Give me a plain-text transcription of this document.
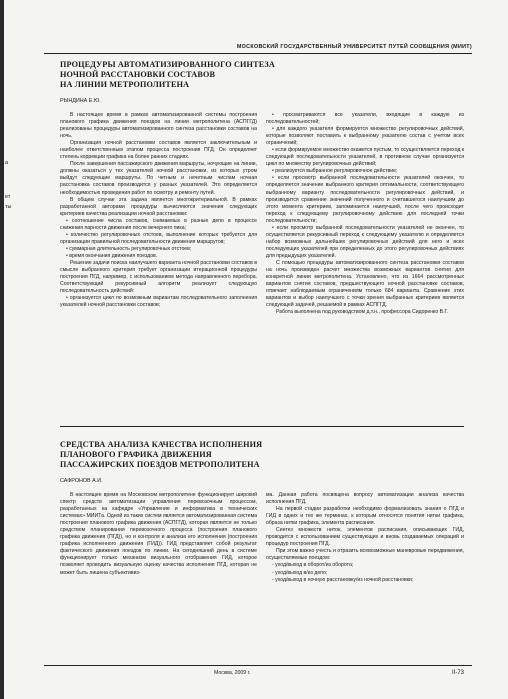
а
ет
ты
МОСКОВСКИЙ ГОСУДАРСТВЕННЫЙ УНИВЕРСИТЕТ ПУТЕЙ СООБЩЕНИЯ (МИИТ)
ПРОЦЕДУРЫ АВТОМАТИЗИРОВАННОГО СИНТЕЗА
НОЧНОЙ РАССТАНОВКИ СОСТАВОВ
НА ЛИНИИ МЕТРОПОЛИТЕНА
РЫНДИНА Е.Ю.

В настоящее время в рамках автоматизированной системы построения планового графика движения поездов на линии метрополитена (АСПГГД) реализованы процедуры автоматизированного синтеза расстановки составов на ночь.

Организация ночной расстановки составов является заключительным и наиболее ответственным этапом процесса построения ПГД. Он определяет степень коррекции графика на более ранних стадиях.

После завершения пассажирского движения маршруты, ночующие на линии, должны оказаться у тех указателей ночной расстановки, из которых утром выйдут следующие маршруты. По четным и нечетным числам ночная расстановка составов производится у разных указателей. Это определяется необходимостью проведения работ по осмотру и ремонту путей.

В общем случае эта задача является многокритериальной. В рамках разработанной авторами процедуры вычисляются значения следующих критериев качества реализации ночной расстановки:

• соотношение числа составов, снимаемых в разные депо в процессе снижения парности движения после вечернего пика;

• количество регулировочных отстоев, выполнение которых требуется для организации правильной последовательности движения маршрутов;

• суммарная длительность регулировочных отстоев;

• время окончания движения поездов.

Решение задачи поиска наилучшего варианта ночной расстановки составов в смысле выбранного критерия требует организации итерационной процедуры построения ПГД, например, с использованием метода направленного перебора. Соответствующий рекурсивный алгоритм реализует следующую последовательность действий:

• организуется цикл по возможным вариантам последовательного заполнения указателей ночной расстановки составов;

• просматриваются все указатели, входящие в каждую из последовательностей;

• для каждого указателя формируется множество регулировочных действий, которые позволяют поставить к выбранному указателю состав с учетом всех ограничений;

• если формируемое множество окажется пустым, то осуществляется переход к следующей последовательности указателей, в противном случае организуется цикл по множеству регулировочных действий;

• реализуется выбранное регулировочное действие;

• если просмотр выбранной последовательности указателей окончен, то определяется значение выбранного критерия оптимальности, соответствующего выбранному варианту последовательности регулировочных действий, и производится сравнение значений полученного и считавшегося наилучшим до этого момента критериев, запоминается наилучший, после чего происходит переход к следующему регулировочному действию для последней точки последовательности;

• если просмотр выбранной последовательности указателей не окончен, то осуществляется рекурсивный переход к следующему указателю и определяется набор возможных дальнейших регулировочных действий для него и всех последующих указателей при определенных до этого регулировочных действиях для предыдущих указателей.

С помощью процедуры автоматизированного синтеза расстановки составов на ночь произведен расчет множества возможных вариантов снятия для конкретной линии метрополитена. Установлено, что из 1664 рассмотренных вариантов снятия составов, предшествующего ночной расстановке составов, отвечает наблюдаемым ограничениям только 684 варианта. Сравнение этих вариантов и выбор наилучшего с точки зрения выбранных критериев является следующей задачей, решаемой в рамках АСПГГД.

Работа выполнена под руководством д.т.н., профессора Сидоренко В.Г.

СРЕДСТВА АНАЛИЗА КАЧЕСТВА ИСПОЛНЕНИЯ
ПЛАНОВОГО ГРАФИКА ДВИЖЕНИЯ
ПАССАЖИРСКИХ ПОЕЗДОВ МЕТРОПОЛИТЕНА
САФРОНОВ А.И.

В настоящее время на Московском метрополитене функционирует широкий спектр средств автоматизации управления перевозочным процессом, разработанных на кафедре «Управление и информатика в технических системах» МИИТа. Одной из таких систем является автоматизированная система построения планового графика движения (АСПГГД), которая является не только средством планирования перевозочного процесса (построения планового графика движения (ПГД)), но и контроля и анализа его исполнения (построения графика исполненного движения (ГИД)). ГИД представляет собой результат фактического движения поездов по линии. На сегодняшний день в системе функционирует только механизм визуального отображения ГИД, которое позволяет проводить визуальную оценку качества исполнения ПГД, которая не может быть лишена субъективиз-

ма. Данная работа посвящена вопросу автоматизации анализа качества исполнения ПГД.

На первой стадии разработки необходимо формализовать знания о ПГД и ГИД в одних и тех же терминах, к которым относятся понятия нитки графика, образа нитки графика, элемента расписания.

Синтез множеств ниток, элементов расписания, описывающих ГИД, проводится с использованием существующих и вновь создаваемых операций и процедур построения ПГД.

При этом важно учесть и отразить всевозможные маневровые передвижения, осуществляемые поездом:

- уход/выход в оборот/из оборота;

- уход/выход в/из депо;

- уход/выход в ночную расстановку/из ночной расстановки;

Москва, 2009 г.	II-73
